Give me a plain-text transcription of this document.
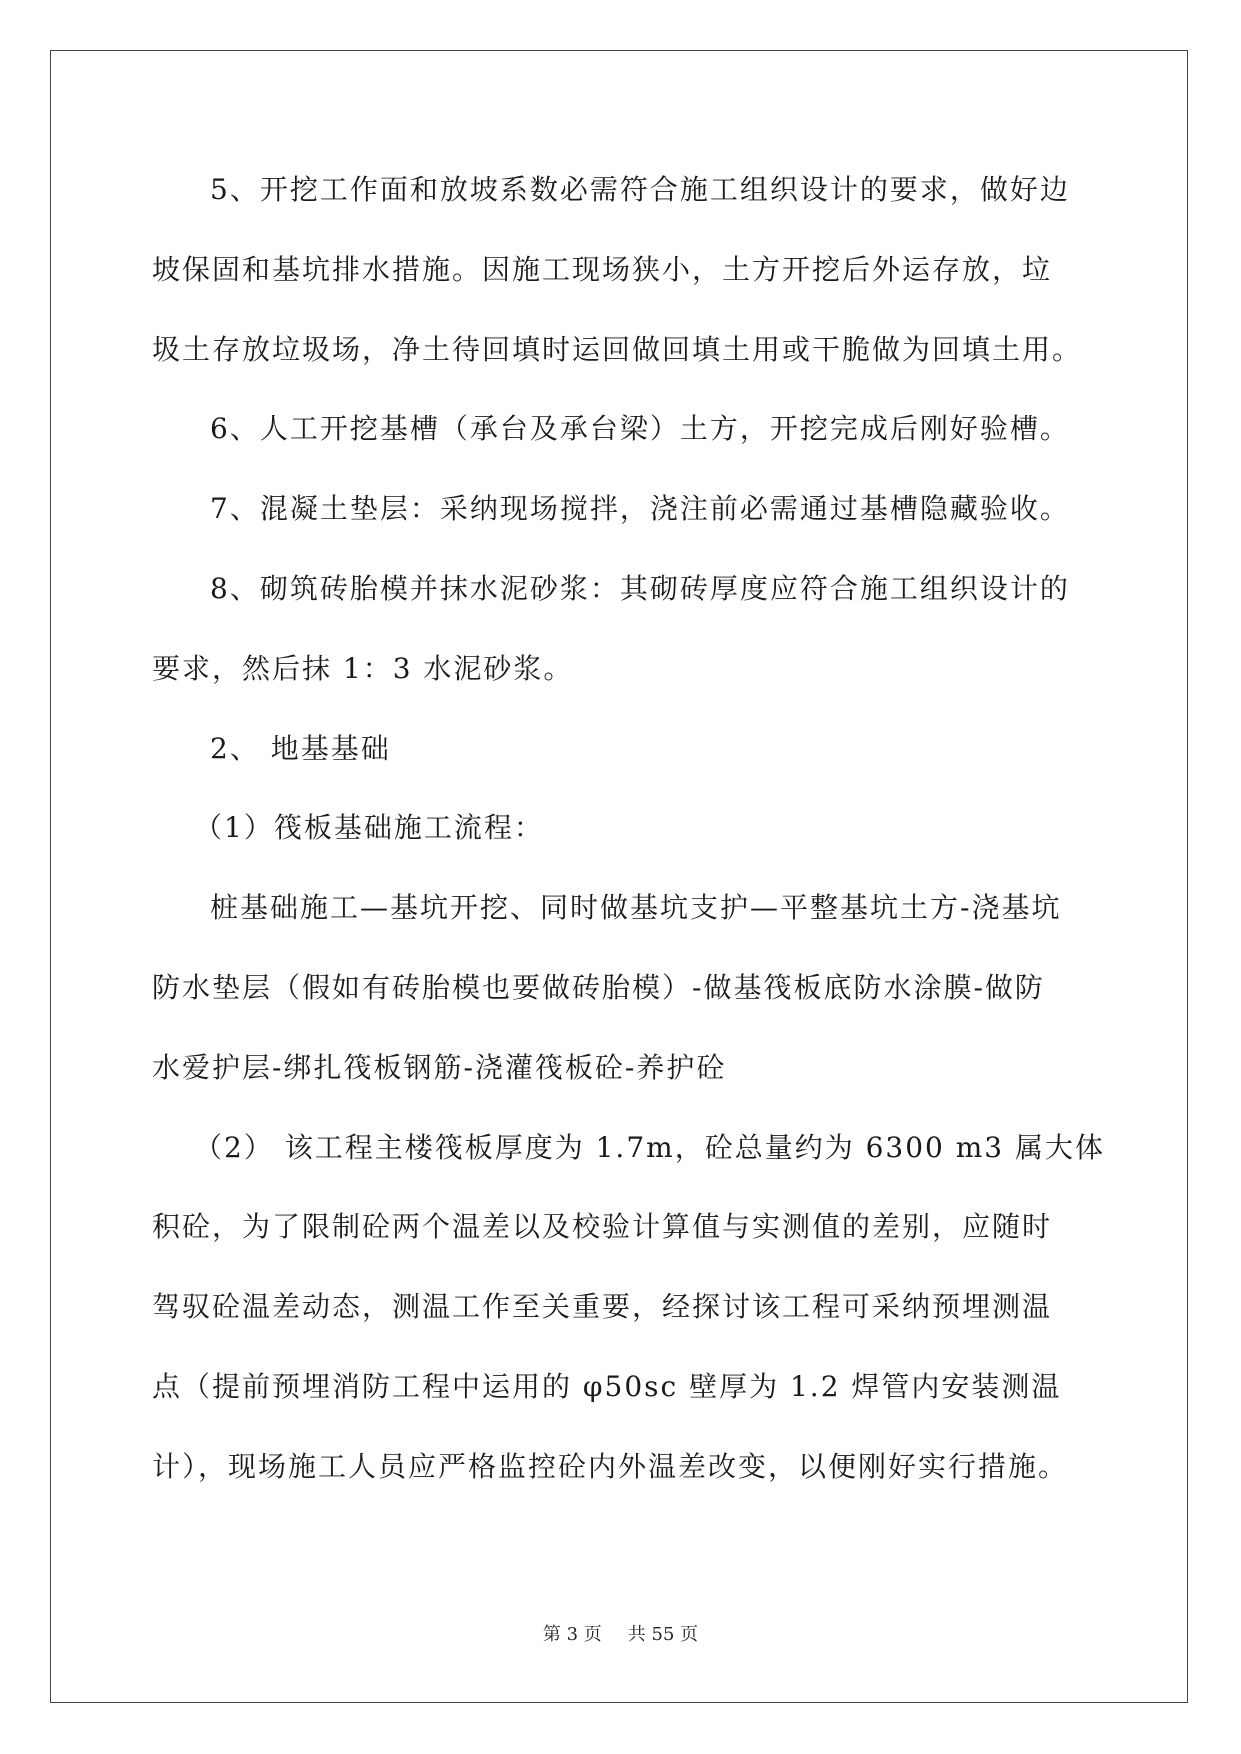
5、开挖工作面和放坡系数必需符合施工组织设计的要求，做好边
坡保固和基坑排水措施。因施工现场狭小，土方开挖后外运存放，垃
圾土存放垃圾场，净土待回填时运回做回填土用或干脆做为回填土用。
6、人工开挖基槽（承台及承台梁）土方，开挖完成后刚好验槽。
7、混凝土垫层：采纳现场搅拌，浇注前必需通过基槽隐藏验收。
8、砌筑砖胎模并抹水泥砂浆：其砌砖厚度应符合施工组织设计的
要求，然后抹 1：3 水泥砂浆。
2、 地基基础
（1）筏板基础施工流程：
桩基础施工—基坑开挖、同时做基坑支护—平整基坑土方-浇基坑
防水垫层（假如有砖胎模也要做砖胎模）-做基筏板底防水涂膜-做防
水爱护层-绑扎筏板钢筋-浇灌筏板砼-养护砼
（2） 该工程主楼筏板厚度为 1.7m，砼总量约为 6300 m3 属大体
积砼，为了限制砼两个温差以及校验计算值与实测值的差别，应随时
驾驭砼温差动态，测温工作至关重要，经探讨该工程可采纳预埋测温
点（提前预埋消防工程中运用的 φ50sc 壁厚为 1.2 焊管内安装测温
计），现场施工人员应严格监控砼内外温差改变，以便刚好实行措施。
第 3 页 共 55 页
